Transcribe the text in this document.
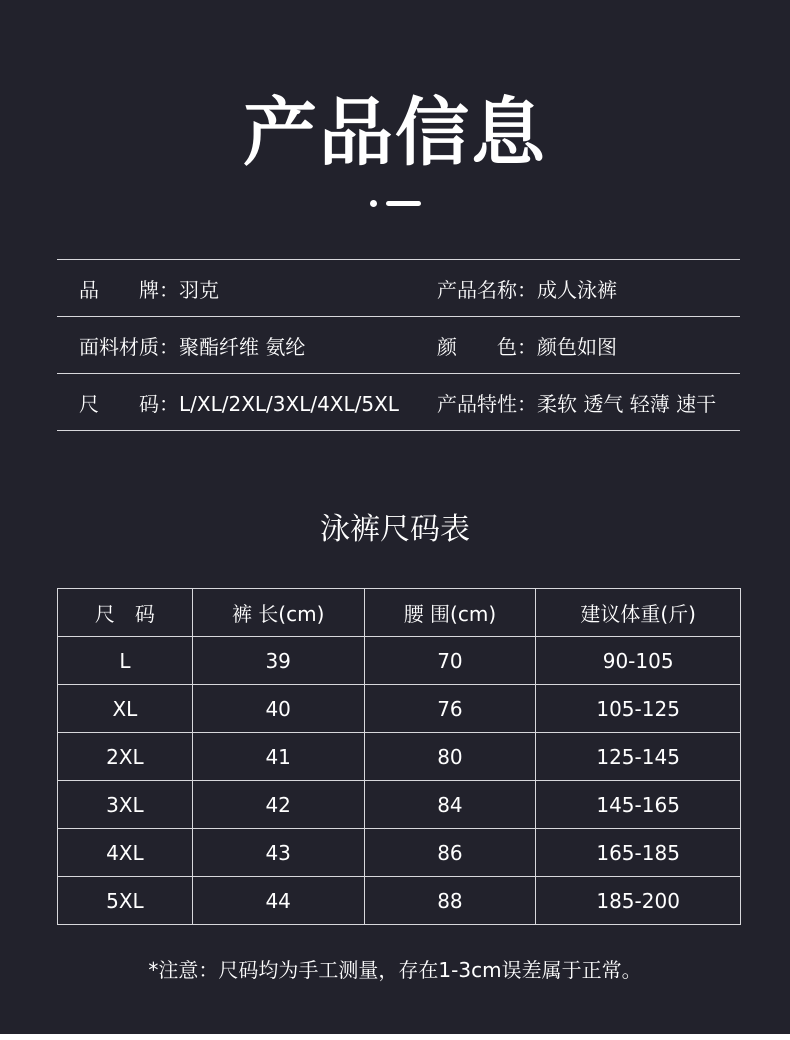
产品信息
品　　牌：羽克	产品名称：成人泳裤
面料材质：聚酯纤维 氨纶	颜　　色：颜色如图
尺　　码：L/XL/2XL/3XL/4XL/5XL 产品特性：柔软 透气 轻薄 速干
泳裤尺码表
尺　码	裤 长(cm)	腰 围(cm)	建议体重(斤)
L	39	70	90-105
XL	40	76	105-125
2XL	41	80	125-145
3XL	42	84	145-165
4XL	43	86	165-185
5XL	44	88	185-200
*注意：尺码均为手工测量，存在1-3cm误差属于正常。
